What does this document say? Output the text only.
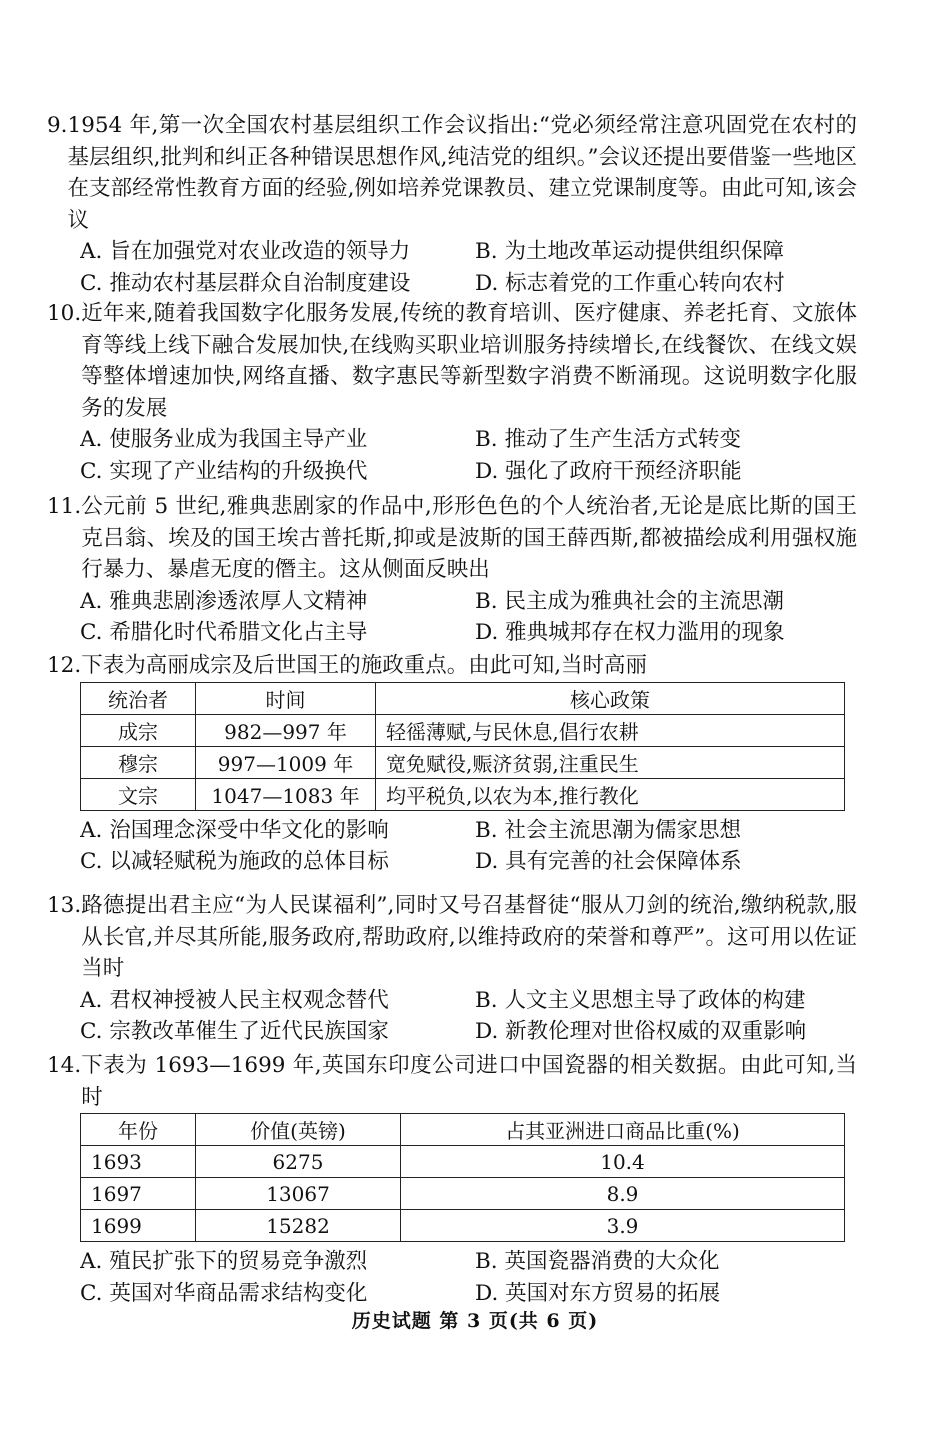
9. 1954 年,第一次全国农村基层组织工作会议指出:“党必须经常注意巩固党在农村的基层组织,批判和纠正各种错误思想作风,纯洁党的组织。”会议还提出要借鉴一些地区在支部经常性教育方面的经验,例如培养党课教员、建立党课制度等。由此可知,该会议
A. 旨在加强党对农业改造的领导力	B. 为土地改革运动提供组织保障
C. 推动农村基层群众自治制度建设	D. 标志着党的工作重心转向农村
10. 近年来,随着我国数字化服务发展,传统的教育培训、医疗健康、养老托育、文旅体育等线上线下融合发展加快,在线购买职业培训服务持续增长,在线餐饮、在线文娱等整体增速加快,网络直播、数字惠民等新型数字消费不断涌现。这说明数字化服务的发展
A. 使服务业成为我国主导产业	B. 推动了生产生活方式转变
C. 实现了产业结构的升级换代	D. 强化了政府干预经济职能
11. 公元前 5 世纪,雅典悲剧家的作品中,形形色色的个人统治者,无论是底比斯的国王克吕翁、埃及的国王埃古普托斯,抑或是波斯的国王薛西斯,都被描绘成利用强权施行暴力、暴虐无度的僭主。这从侧面反映出
A. 雅典悲剧渗透浓厚人文精神	B. 民主成为雅典社会的主流思潮
C. 希腊化时代希腊文化占主导	D. 雅典城邦存在权力滥用的现象
12. 下表为高丽成宗及后世国王的施政重点。由此可知,当时高丽
统治者	时间	核心政策
成宗	982—997 年	轻徭薄赋,与民休息,倡行农耕
穆宗	997—1009 年	宽免赋役,赈济贫弱,注重民生
文宗	1047—1083 年	均平税负,以农为本,推行教化
A. 治国理念深受中华文化的影响	B. 社会主流思潮为儒家思想
C. 以减轻赋税为施政的总体目标	D. 具有完善的社会保障体系
13. 路德提出君主应“为人民谋福利”,同时又号召基督徒“服从刀剑的统治,缴纳税款,服从长官,并尽其所能,服务政府,帮助政府,以维持政府的荣誉和尊严”。这可用以佐证当时
A. 君权神授被人民主权观念替代	B. 人文主义思想主导了政体的构建
C. 宗教改革催生了近代民族国家	D. 新教伦理对世俗权威的双重影响
14. 下表为 1693—1699 年,英国东印度公司进口中国瓷器的相关数据。由此可知,当时
年份	价值(英镑)	占其亚洲进口商品比重(%)
1693	6275	10.4
1697	13067	8.9
1699	15282	3.9
A. 殖民扩张下的贸易竞争激烈	B. 英国瓷器消费的大众化
C. 英国对华商品需求结构变化	D. 英国对东方贸易的拓展
历史试题 第 3 页(共 6 页)
